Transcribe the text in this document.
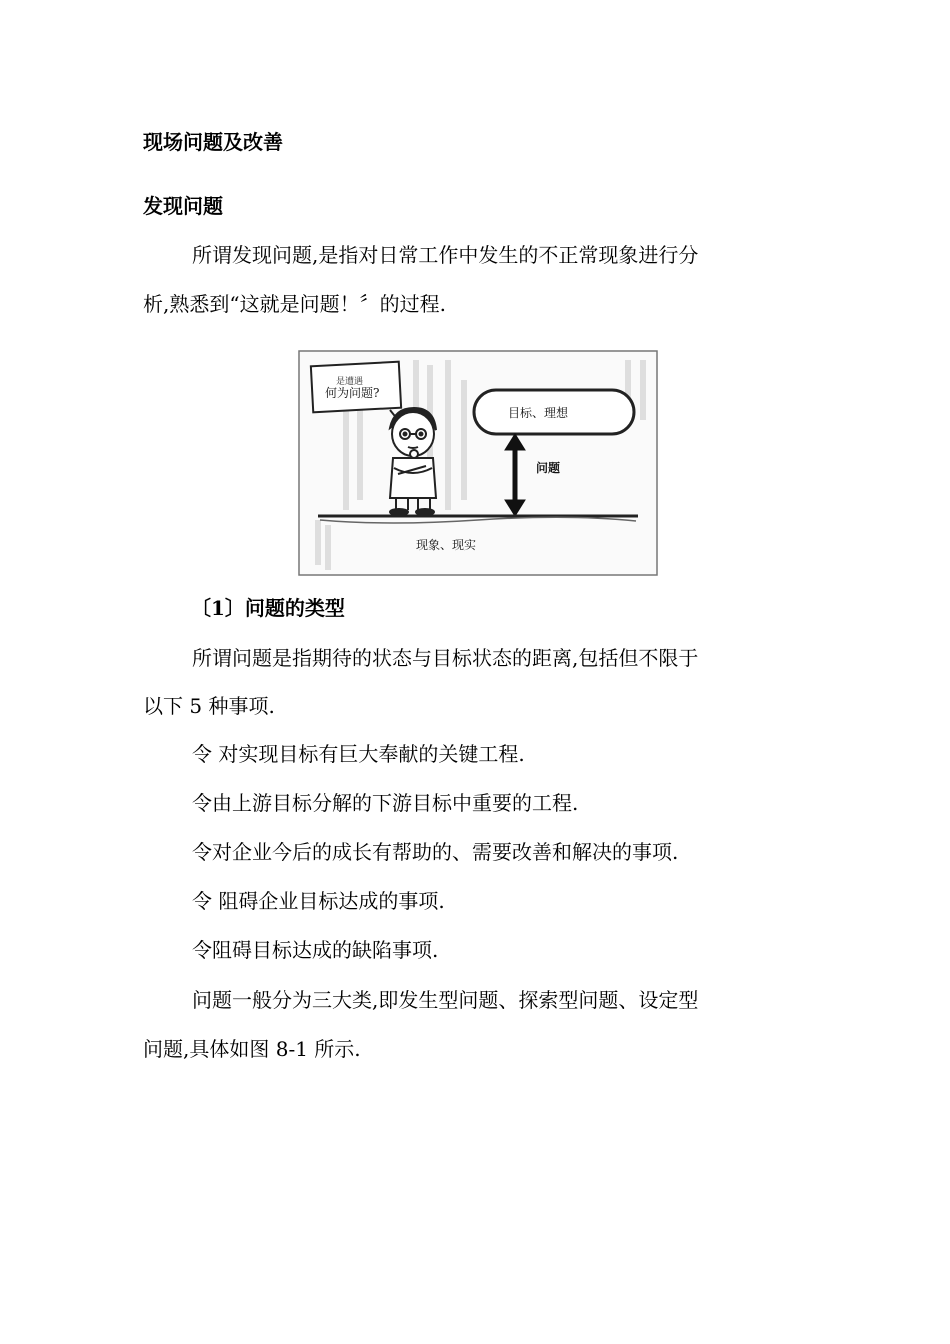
现场问题及改善
发现问题
所谓发现问题,是指对日常工作中发生的不正常现象进行分
析,熟悉到“这就是问题！〞的过程.
是遭遇
何为问题?
目标、理想
问题
现象、现实
〔1〕问题的类型
所谓问题是指期待的状态与目标状态的距离,包括但不限于
以下 5 种事项.
令 对实现目标有巨大奉献的关键工程.
令由上游目标分解的下游目标中重要的工程.
令对企业今后的成长有帮助的、需要改善和解决的事项.
令 阻碍企业目标达成的事项.
令阻碍目标达成的缺陷事项.
问题一般分为三大类,即发生型问题、探索型问题、设定型
问题,具体如图 8-1 所示.
